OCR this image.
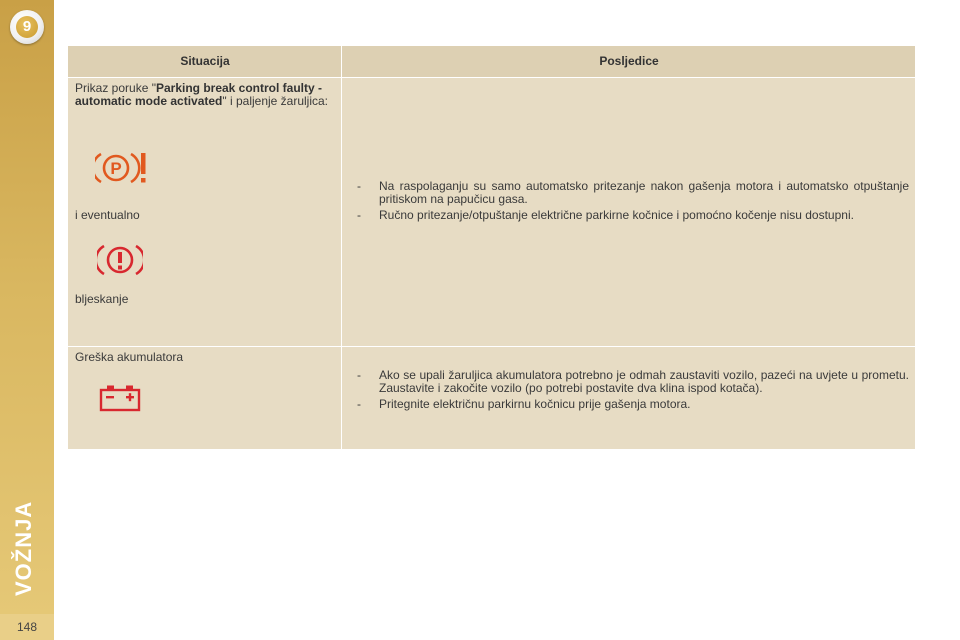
9
VOŽNJA
148
Situacija	Posljedice
Prikaz poruke "Parking break control faulty - automatic mode activated" i paljenje žaruljica:
P
i eventualno
bljeskanje
- Na raspolaganju su samo automatsko pritezanje nakon gašenja motora i automatsko otpuštanje pritiskom na papučicu gasa.
- Ručno pritezanje/otpuštanje električne parkirne kočnice i pomoćno kočenje nisu dostupni.
Greška akumulatora
- Ako se upali žaruljica akumulatora potrebno je odmah zaustaviti vozilo, pazeći na uvjete u prometu. Zaustavite i zakočite vozilo (po potrebi postavite dva klina ispod kotača).
- Pritegnite električnu parkirnu kočnicu prije gašenja motora.
